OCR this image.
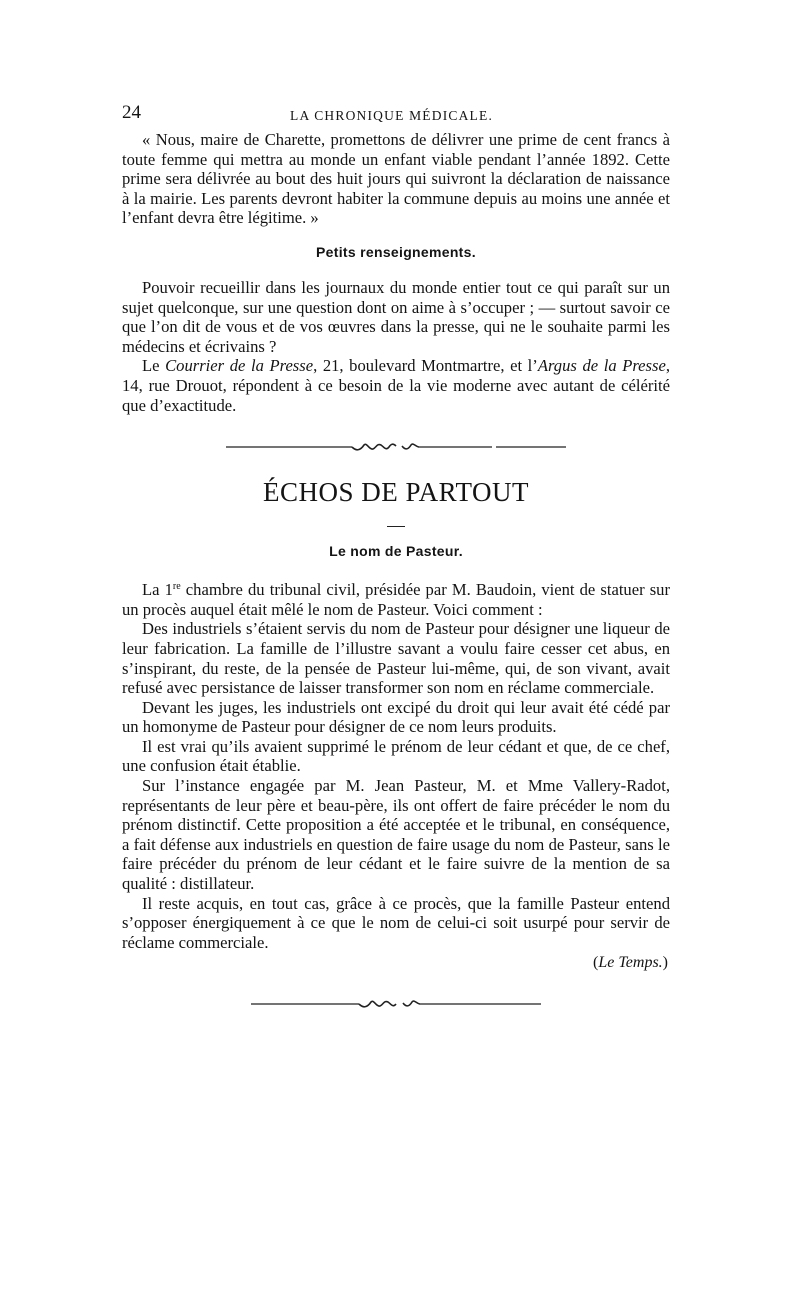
24	LA CHRONIQUE MÉDICALE.

« Nous, maire de Charette, promettons de délivrer une prime de cent francs à toute femme qui mettra au monde un enfant viable pendant l’année 1892. Cette prime sera délivrée au bout des huit jours qui suivront la déclaration de naissance à la mairie. Les parents devront habiter la commune depuis au moins une année et l’enfant devra être légitime. »

Petits renseignements.

Pouvoir recueillir dans les journaux du monde entier tout ce qui paraît sur un sujet quelconque, sur une question dont on aime à s’occuper ; — surtout savoir ce que l’on dit de vous et de vos œuvres dans la presse, qui ne le souhaite parmi les médecins et écrivains ?

Le Courrier de la Presse, 21, boulevard Montmartre, et l’Argus de la Presse, 14, rue Drouot, répondent à ce besoin de la vie moderne avec autant de célérité que d’exactitude.

ÉCHOS DE PARTOUT
Le nom de Pasteur.

La 1re chambre du tribunal civil, présidée par M. Baudoin, vient de statuer sur un procès auquel était mêlé le nom de Pasteur. Voici comment :

Des industriels s’étaient servis du nom de Pasteur pour désigner une liqueur de leur fabrication. La famille de l’illustre savant a voulu faire cesser cet abus, en s’inspirant, du reste, de la pensée de Pasteur lui-même, qui, de son vivant, avait refusé avec persistance de laisser transformer son nom en réclame commerciale.

Devant les juges, les industriels ont excipé du droit qui leur avait été cédé par un homonyme de Pasteur pour désigner de ce nom leurs produits.

Il est vrai qu’ils avaient supprimé le prénom de leur cédant et que, de ce chef, une confusion était établie.

Sur l’instance engagée par M. Jean Pasteur, M. et Mme Vallery-Radot, représentants de leur père et beau-père, ils ont offert de faire précéder le nom du prénom distinctif. Cette proposition a été acceptée et le tribunal, en conséquence, a fait défense aux industriels en question de faire usage du nom de Pasteur, sans le faire précéder du prénom de leur cédant et le faire suivre de la mention de sa qualité : distillateur.

Il reste acquis, en tout cas, grâce à ce procès, que la famille Pasteur entend s’opposer énergiquement à ce que le nom de celui-ci soit usurpé pour servir de réclame commerciale.

(Le Temps.)
